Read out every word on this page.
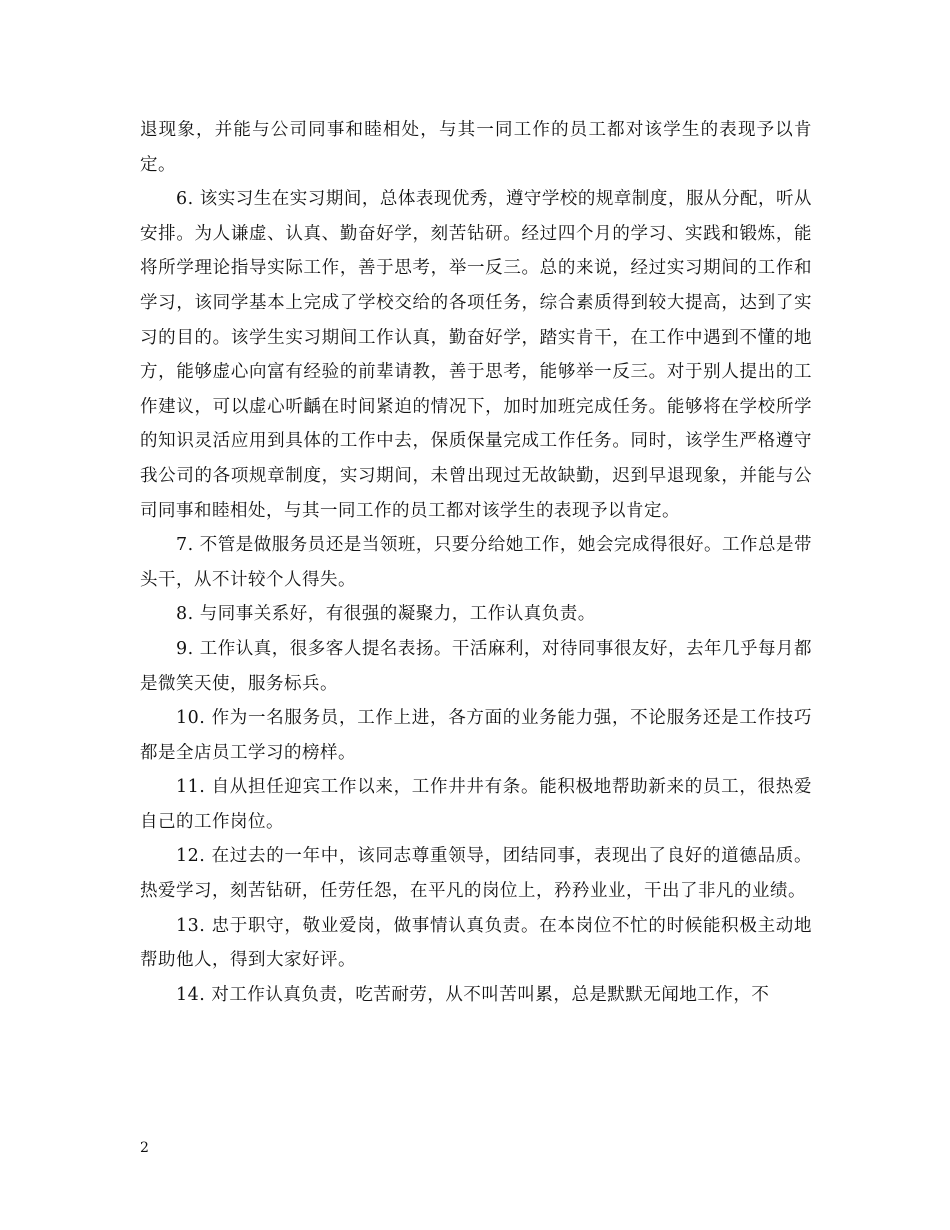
退现象，并能与公司同事和睦相处，与其一同工作的员工都对该学生的表现予以肯定。

6. 该实习生在实习期间，总体表现优秀，遵守学校的规章制度，服从分配，听从安排。为人谦虚、认真、勤奋好学，刻苦钻研。经过四个月的学习、实践和锻炼，能将所学理论指导实际工作，善于思考，举一反三。总的来说，经过实习期间的工作和学习，该同学基本上完成了学校交给的各项任务，综合素质得到较大提高，达到了实习的目的。该学生实习期间工作认真，勤奋好学，踏实肯干，在工作中遇到不懂的地方，能够虚心向富有经验的前辈请教，善于思考，能够举一反三。对于别人提出的工作建议，可以虚心听齲在时间紧迫的情况下，加时加班完成任务。能够将在学校所学的知识灵活应用到具体的工作中去，保质保量完成工作任务。同时，该学生严格遵守我公司的各项规章制度，实习期间，未曾出现过无故缺勤，迟到早退现象，并能与公司同事和睦相处，与其一同工作的员工都对该学生的表现予以肯定。

7. 不管是做服务员还是当领班，只要分给她工作，她会完成得很好。工作总是带头干，从不计较个人得失。

8. 与同事关系好，有很强的凝聚力，工作认真负责。

9. 工作认真，很多客人提名表扬。干活麻利，对待同事很友好，去年几乎每月都是微笑天使，服务标兵。

10. 作为一名服务员，工作上进，各方面的业务能力强，不论服务还是工作技巧都是全店员工学习的榜样。

11. 自从担任迎宾工作以来，工作井井有条。能积极地帮助新来的员工，很热爱自己的工作岗位。

12. 在过去的一年中，该同志尊重领导，团结同事，表现出了良好的道德品质。热爱学习，刻苦钻研，任劳任怨，在平凡的岗位上，矜矜业业，干出了非凡的业绩。

13. 忠于职守，敬业爱岗，做事情认真负责。在本岗位不忙的时候能积极主动地帮助他人，得到大家好评。

14. 对工作认真负责，吃苦耐劳，从不叫苦叫累，总是默默无闻地工作，不

2
